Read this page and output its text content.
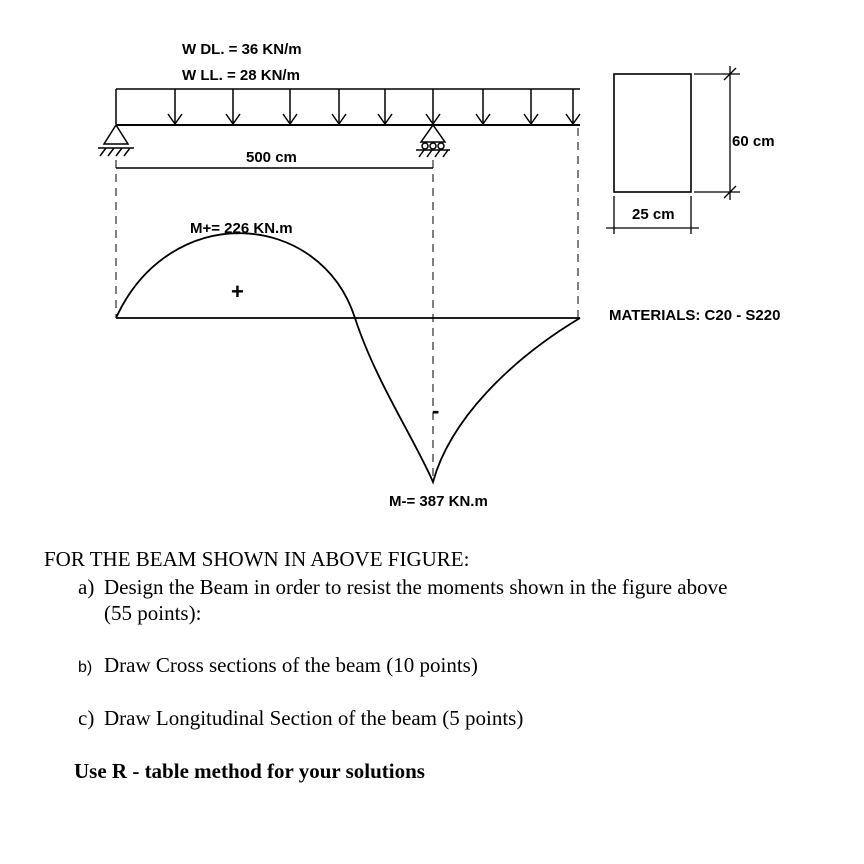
W DL. = 36 KN/m
W LL. = 28 KN/m
500 cm
M+= 226 KN.m
+
-
M-= 387 KN.m
60 cm
25 cm
MATERIALS: C20 - S220
FOR THE BEAM SHOWN IN ABOVE FIGURE:
a) Design the Beam in order to resist the moments shown in the figure above
(55 points):
b) Draw Cross sections of the beam (10 points)
c) Draw Longitudinal Section of the beam (5 points)
Use R - table method for your solutions
